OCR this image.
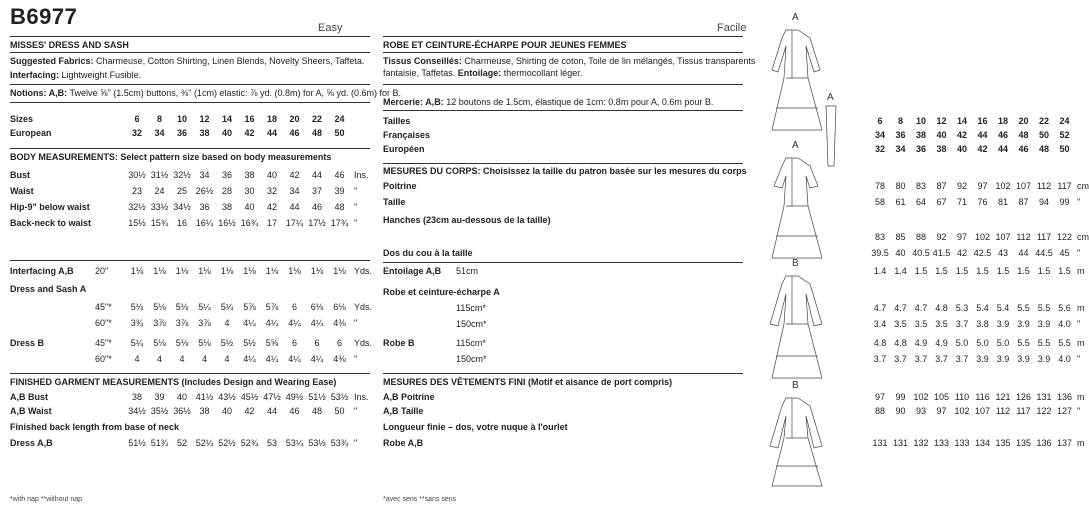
B6977	Easy
MISSES' DRESS AND SASH
Suggested Fabrics: Charmeuse, Cotton Shirting, Linen Blends, Novelty Sheers, Taffeta.
Interfacing: Lightweight Fusible.
Notions: A,B: Twelve ⅝" (1.5cm) buttons, ⅜" (1cm) elastic: ⅞ yd. (0.8m) for A, ⅝ yd. (0.6m) for B.
Sizes	6	8	10	12	14	16	18	20	22	24
European	32	34	36	38	40	42	44	46	48	50
BODY MEASUREMENTS: Select pattern size based on body measurements
Bust	30½ 31½ 32½ 34	36	38	40	42	44	46	Ins.
Waist	23	24	25 26½ 28	30	32	34	37	39	"
Hip-9" below waist	32½ 33½ 34½ 36	38	40	42	44	46	48	"
Back-neck to waist	15½ 15¾ 16 16¼ 16½ 16¾ 17 17¼ 17½ 17¾ "
Interfacing A,B 20"	1⅛	1⅛	1⅛	1⅛	1⅛	1⅛	1⅛	1⅛	1⅛	1⅛ Yds.
Dress and Sash A
45"*	5⅛	5⅛	5⅛	5¼	5¼	5⅞	5⅞	6	6⅛	6⅛ Yds.
60"*	3¾	3⅞	3⅞	3⅞	4	4¼	4¼	4¼	4¼	4⅜ "
Dress B	45"*	5¼	5⅛	5⅛	5⅛	5½	5½	5⅝	6	6	6	Yds.
60"*	4	4	4	4	4	4¼	4¼	4¼	4¼	4⅜ "
FINISHED GARMENT MEASUREMENTS (Includes Design and Wearing Ease)
A,B Bust	38	39	40 41½ 43½ 45½ 47½ 49½ 51½ 53½ Ins.
A,B Waist	34½ 35½ 36½ 38	40	42	44	46	48	50	"
Finished back length from base of neck
Dress A,B	51½ 51¾ 52 52¼ 52½ 52¾ 53 53¼ 53½ 53¾ "
*with nap **without nap
Facile
ROBE ET CEINTURE-ÉCHARPE POUR JEUNES FEMMES
Tissus Conseillés: Charmeuse, Shirting de coton, Toile de lin mélangés, Tissus transparents
fantaisie, Taffetas. Entoilage: thermocollant léger.
Mercerie: A,B: 12 boutons de 1.5cm, élastique de 1cm: 0.8m pour A, 0.6m pour B.
Tailles	6	8	10	12	14	16	18	20	22	24
Françaises	34	36	38	40	42	44	46	48	50	52
Européen	32	34	36	38	40	42	44	46	48	50
MESURES DU CORPS: Choisissez la taille du patron basée sur les mesures du corps
Poitrine	78	80	83	87	92	97 102 107 112 117 cm
Taille	58	61	64	67	71	76	81	87	94	99 "
Hanches (23cm au-dessous de la taille)
83	85	88	92	97 102 107 112 117 122 cm
Dos du cou à la taille	39.5 40 40.5 41.5 42 42.5 43	44 44.5 45 "
Entoilage A,B 51cm	1.4 1.4 1.5 1.5 1.5 1.5 1.5 1.5 1.5 1.5 m
Robe et ceinture-écharpe A
115cm*	4.7 4.7 4.7 4.8 5.3 5.4 5.4 5.5 5.5 5.6 m
150cm*	3.4 3.5 3.5 3.5 3.7 3.8 3.9 3.9 3.9 4.0 "
Robe B	115cm*	4.8 4.8 4.9 4.9 5.0 5.0 5.0 5.5 5.5 5.5 m
150cm*	3.7 3.7 3.7 3.7 3.7 3.9 3.9 3.9 3.9 4.0 "
MESURES DES VÊTEMENTS FINI (Motif et aisance de port compris)
A,B Poitrine	97	99 102 105 110 116 121 126 131 136 m
A,B Taille	88	90	93	97 102 107 112 117 122 127 "
Longueur finie – dos, votre nuque à l'ourlet
Robe A,B	131 131 132 133 133 134 135 135 136 137 m
*avec sens **sans sens
A
A
A
B
B
